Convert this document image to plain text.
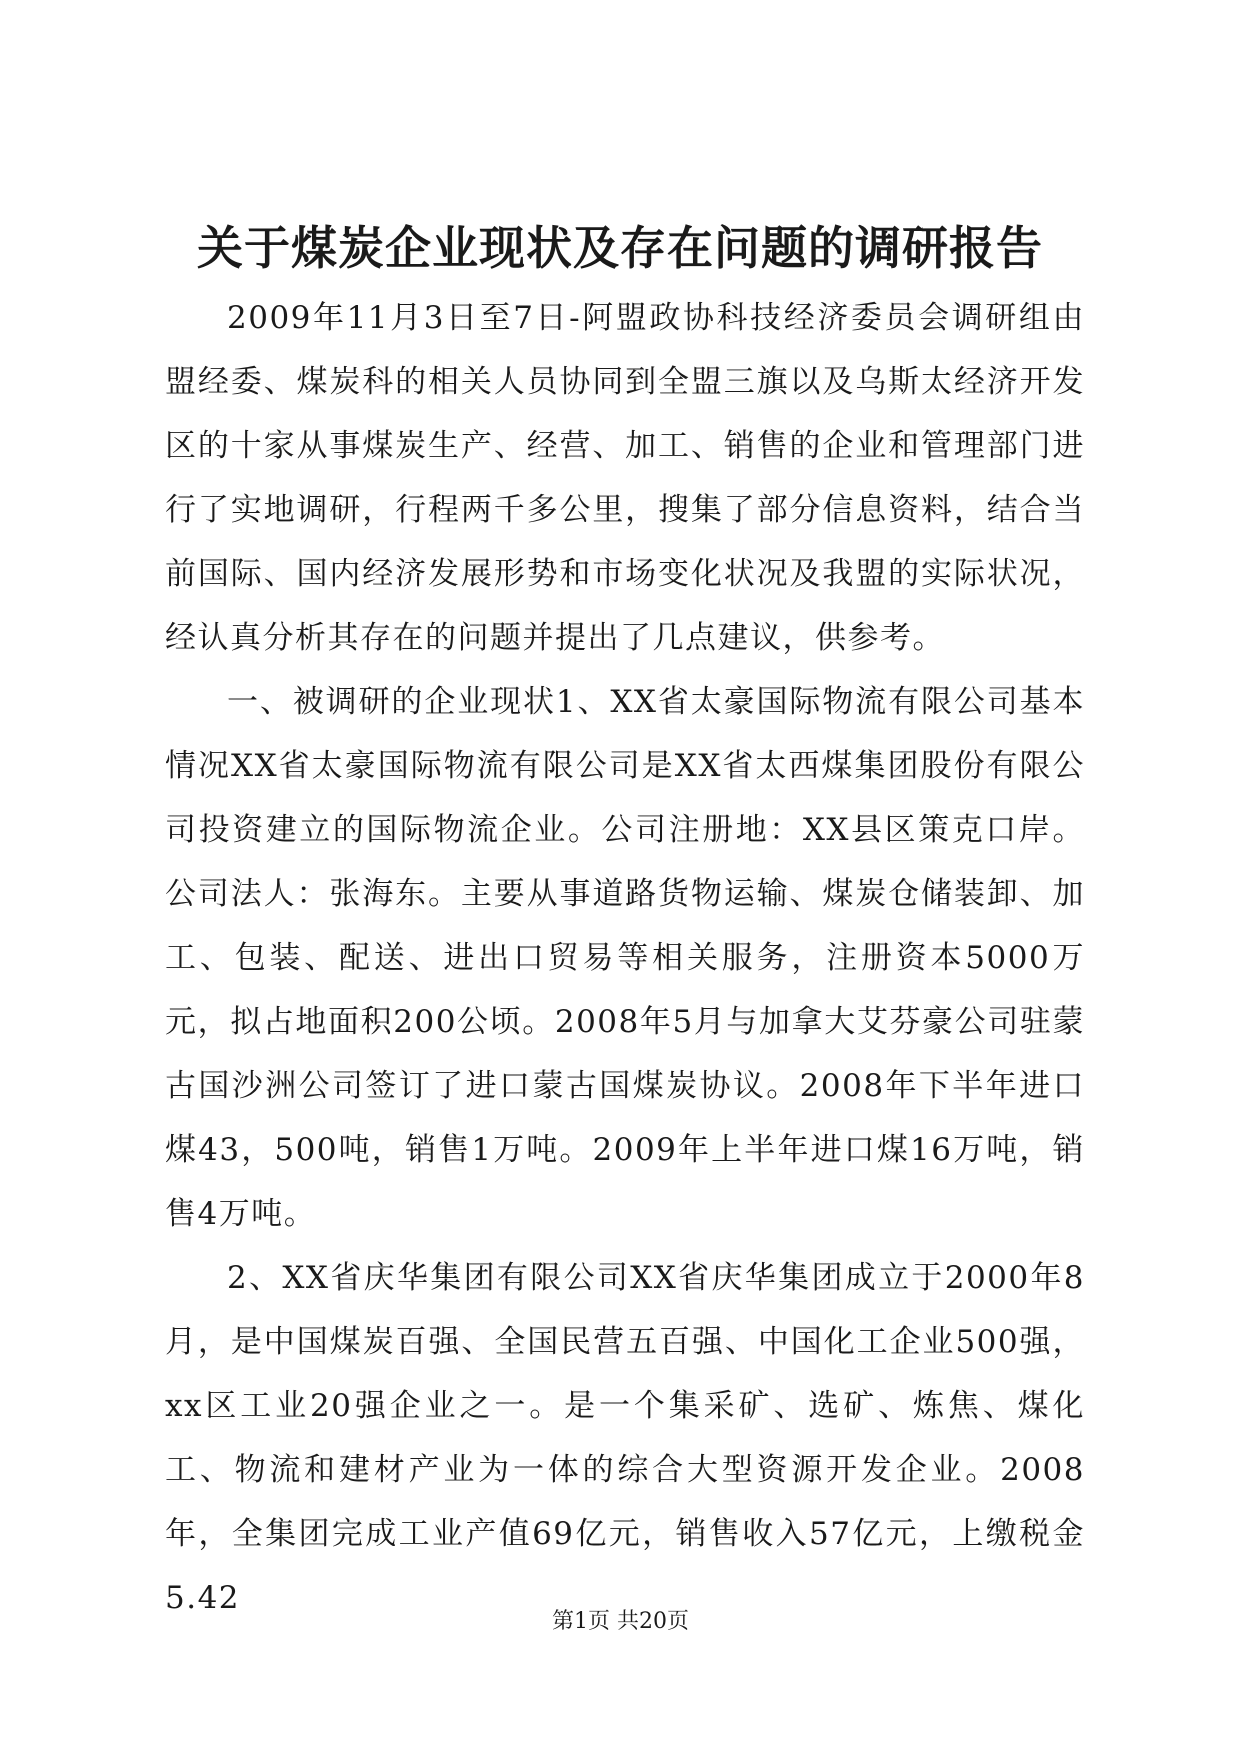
关于煤炭企业现状及存在问题的调研报告

2009年11月3日至7日-阿盟政协科技经济委员会调研组由盟经委、煤炭科的相关人员协同到全盟三旗以及乌斯太经济开发区的十家从事煤炭生产、经营、加工、销售的企业和管理部门进行了实地调研，行程两千多公里，搜集了部分信息资料，结合当前国际、国内经济发展形势和市场变化状况及我盟的实际状况，经认真分析其存在的问题并提出了几点建议，供参考。

一、被调研的企业现状1、XX省太豪国际物流有限公司基本情况XX省太豪国际物流有限公司是XX省太西煤集团股份有限公司投资建立的国际物流企业。公司注册地：XX县区策克口岸。公司法人：张海东。主要从事道路货物运输、煤炭仓储装卸、加工、包装、配送、进出口贸易等相关服务，注册资本5000万元，拟占地面积200公顷。2008年5月与加拿大艾芬豪公司驻蒙古国沙洲公司签订了进口蒙古国煤炭协议。2008年下半年进口煤43，500吨，销售1万吨。2009年上半年进口煤16万吨，销售4万吨。

2、XX省庆华集团有限公司XX省庆华集团成立于2000年8月，是中国煤炭百强、全国民营五百强、中国化工企业500强，xx区工业20强企业之一。是一个集采矿、选矿、炼焦、煤化工、物流和建材产业为一体的综合大型资源开发企业。2008年，全集团完成工业产值69亿元，销售收入57亿元，上缴税金5.42

第1页 共20页
